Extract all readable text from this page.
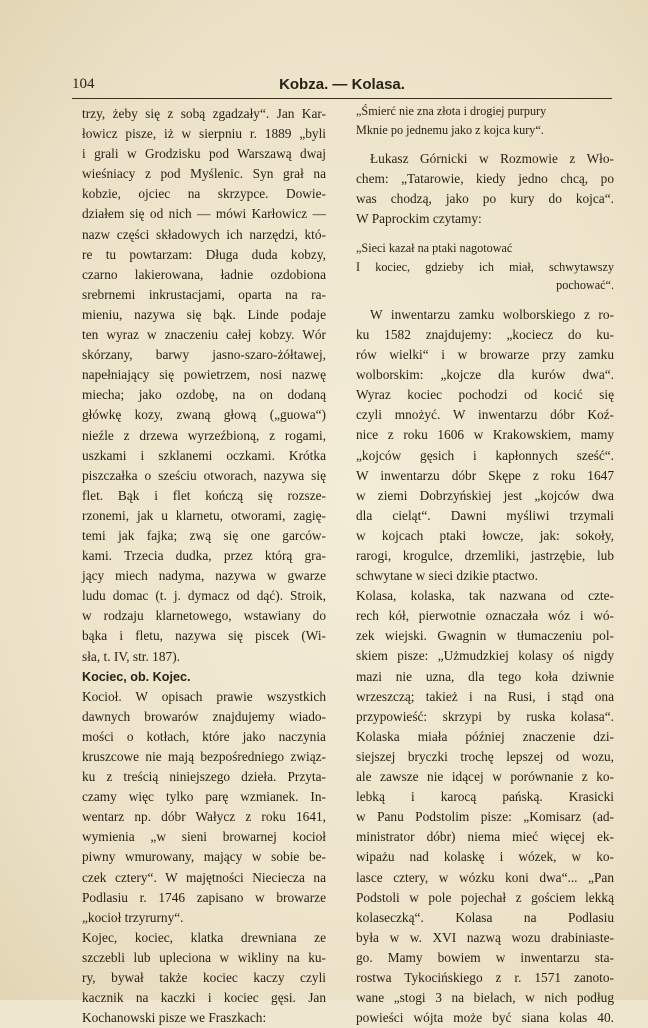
104	Kobza. — Kolasa.
trzy, żeby się z sobą zgadzały“. Jan Kar-
łowicz pisze, iż w sierpniu r. 1889 „byli
i grali w Grodzisku pod Warszawą dwaj
wieśniacy z pod Myślenic. Syn grał na
kobzie, ojciec na skrzypce. Dowie-
działem się od nich — mówi Karłowicz —
nazw części składowych ich narzędzi, któ-
re tu powtarzam: Długa duda kobzy,
czarno lakierowana, ładnie ozdobiona
srebrnemi inkrustacjami, oparta na ra-
mieniu, nazywa się bąk. Linde podaje
ten wyraz w znaczeniu całej kobzy. Wór
skórzany, barwy jasno-szaro-żółtawej,
napełniający się powietrzem, nosi nazwę
miecha; jako ozdobę, na on dodaną
główkę kozy, zwaną głową („guowa“)
nieźle z drzewa wyrzeźbioną, z rogami,
uszkami i szklanemi oczkami. Krótka
piszczałka o sześciu otworach, nazywa się
flet. Bąk i flet kończą się rozsze-
rzonemi, jak u klarnetu, otworami, zagię-
temi jak fajka; zwą się one garców-
kami. Trzecia dudka, przez którą gra-
jący miech nadyma, nazywa w gwarze
ludu domac (t. j. dymacz od dąć). Stroik,
w rodzaju klarnetowego, wstawiany do
bąka i fletu, nazywa się piscek (Wi-
sła, t. IV, str. 187).
Kociec, ob. Kojec.
Kocioł. W opisach prawie wszystkich
dawnych browarów znajdujemy wiado-
mości o kotłach, które jako naczynia
kruszcowe nie mają bezpośredniego związ-
ku z treścią niniejszego dzieła. Przyta-
czamy więc tylko parę wzmianek. In-
wentarz np. dóbr Wałycz z roku 1641,
wymienia „w sieni browarnej kocioł
piwny wmurowany, mający w sobie be-
czek cztery“. W majętności Nieciecza na
Podlasiu r. 1746 zapisano w browarze
„kocioł trzyrurny“.
Kojec, kociec, klatka drewniana ze
szczebli lub upleciona w wikliny na ku-
ry, bywał także kociec kaczy czyli
kacznik na kaczki i kociec gęsi. Jan
Kochanowski pisze we Fraszkach:
„Śmierć nie zna złota i drogiej purpury
Mknie po jednemu jako z kojca kury“.
Łukasz Górnicki w Rozmowie z Wło-
chem: „Tatarowie, kiedy jedno chcą, po
was chodzą, jako po kury do kojca“.
W Paprockim czytamy:
„Sieci kazał na ptaki nagotować
I kociec, gdzieby ich miał, schwytawszy
pochować“.
W inwentarzu zamku wolborskiego z ro-
ku 1582 znajdujemy: „kociecz do ku-
rów wielki“ i w browarze przy zamku
wolborskim: „kojcze dla kurów dwa“.
Wyraz kociec pochodzi od kocić się
czyli mnożyć. W inwentarzu dóbr Koź-
nice z roku 1606 w Krakowskiem, mamy
„kojców gęsich i kapłonnych sześć“.
W inwentarzu dóbr Skępe z roku 1647
w ziemi Dobrzyńskiej jest „kojców dwa
dla cieląt“. Dawni myśliwi trzymali
w kojcach ptaki łowcze, jak: sokoły,
rarogi, krogulce, drzemliki, jastrzębie, lub
schwytane w sieci dzikie ptactwo.
Kolasa, kolaska, tak nazwana od czte-
rech kół, pierwotnie oznaczała wóz i wó-
zek wiejski. Gwagnin w tłumaczeniu pol-
skiem pisze: „Użmudzkiej kolasy oś nigdy
mazi nie uzna, dla tego koła dziwnie
wrzeszczą; takież i na Rusi, i stąd ona
przypowieść: skrzypi by ruska kolasa“.
Kolaska miała później znaczenie dzi-
siejszej bryczki trochę lepszej od wozu,
ale zawsze nie idącej w porównanie z ko-
lebką i karocą pańską. Krasicki
w Panu Podstolim pisze: „Komisarz (ad-
ministrator dóbr) niema mieć więcej ek-
wipażu nad kolaskę i wózek, w ko-
lasce cztery, w wózku koni dwa“... „Pan
Podstoli w pole pojechał z gościem lekką
kolaseczką“. Kolasa na Podlasiu
była w w. XVI nazwą wozu drabiniaste-
go. Mamy bowiem w inwentarzu sta-
rostwa Tykocińskiego z r. 1571 zanoto-
wane „stogi 3 na bielach, w nich podług
powieści wójta może być siana kolas 40.
